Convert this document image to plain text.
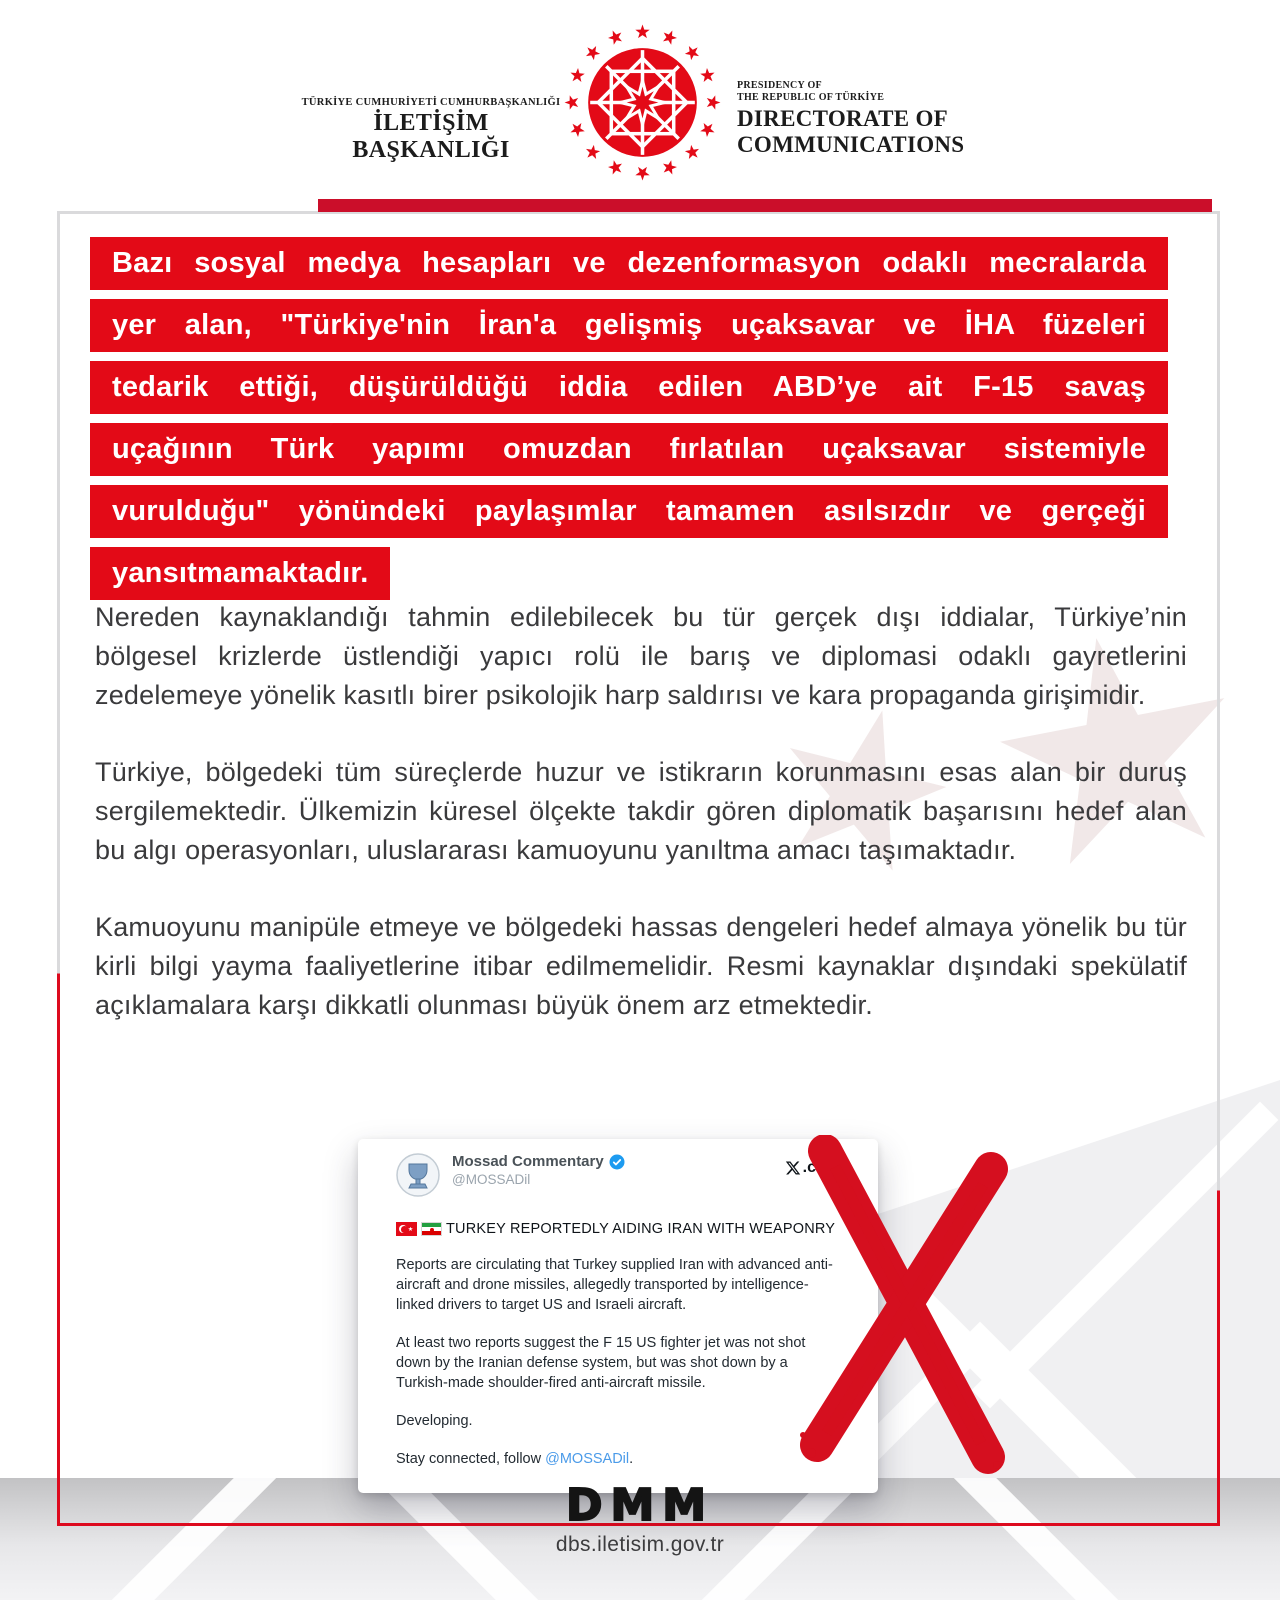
TÜRKİYE CUMHURİYETİ CUMHURBAŞKANLIĞI
İLETİŞİM BAŞKANLIĞI
PRESIDENCY OF
THE REPUBLIC OF TÜRKİYE
DIRECTORATE OF
COMMUNICATIONS
Bazı sosyal medya hesapları ve dezenformasyon odaklı mecralarda
yer alan, "Türkiye'nin İran'a gelişmiş uçaksavar ve İHA füzeleri
tedarik ettiği, düşürüldüğü iddia edilen ABD’ye ait F-15 savaş
uçağının Türk yapımı omuzdan fırlatılan uçaksavar sistemiyle
vurulduğu" yönündeki paylaşımlar tamamen asılsızdır ve gerçeği
yansıtmamaktadır.

Nereden kaynaklandığı tahmin edilebilecek bu tür gerçek dışı iddialar, Türkiye’nin bölgesel krizlerde üstlendiği yapıcı rolü ile barış ve diplomasi odaklı gayretlerini zedelemeye yönelik kasıtlı birer psikolojik harp saldırısı ve kara propaganda girişimidir.

Türkiye, bölgedeki tüm süreçlerde huzur ve istikrarın korunmasını esas alan bir duruş sergilemektedir. Ülkemizin küresel ölçekte takdir gören diplomatik başarısını hedef alan bu algı operasyonları, uluslararası kamuoyunu yanıltma amacı taşımaktadır.

Kamuoyunu manipüle etmeye ve bölgedeki hassas dengeleri hedef almaya yönelik bu tür kirli bilgi yayma faaliyetlerine itibar edilmemelidir. Resmi kaynaklar dışındaki spekülatif açıklamalara karşı dikkatli olunması büyük önem arz etmektedir.

Mossad Commentary
@MOSSADil
.com
TURKEY REPORTEDLY AIDING IRAN WITH WEAPONRY

Reports are circulating that Turkey supplied Iran with advanced anti-aircraft and drone missiles, allegedly transported by intelligence-linked drivers to target US and Israeli aircraft.

At least two reports suggest the F 15 US fighter jet was not shot down by the Iranian defense system, but was shot down by a Turkish-made shoulder-fired anti-aircraft missile.

Developing.

Stay connected, follow @MOSSADil.

DMM
dbs.iletisim.gov.tr
